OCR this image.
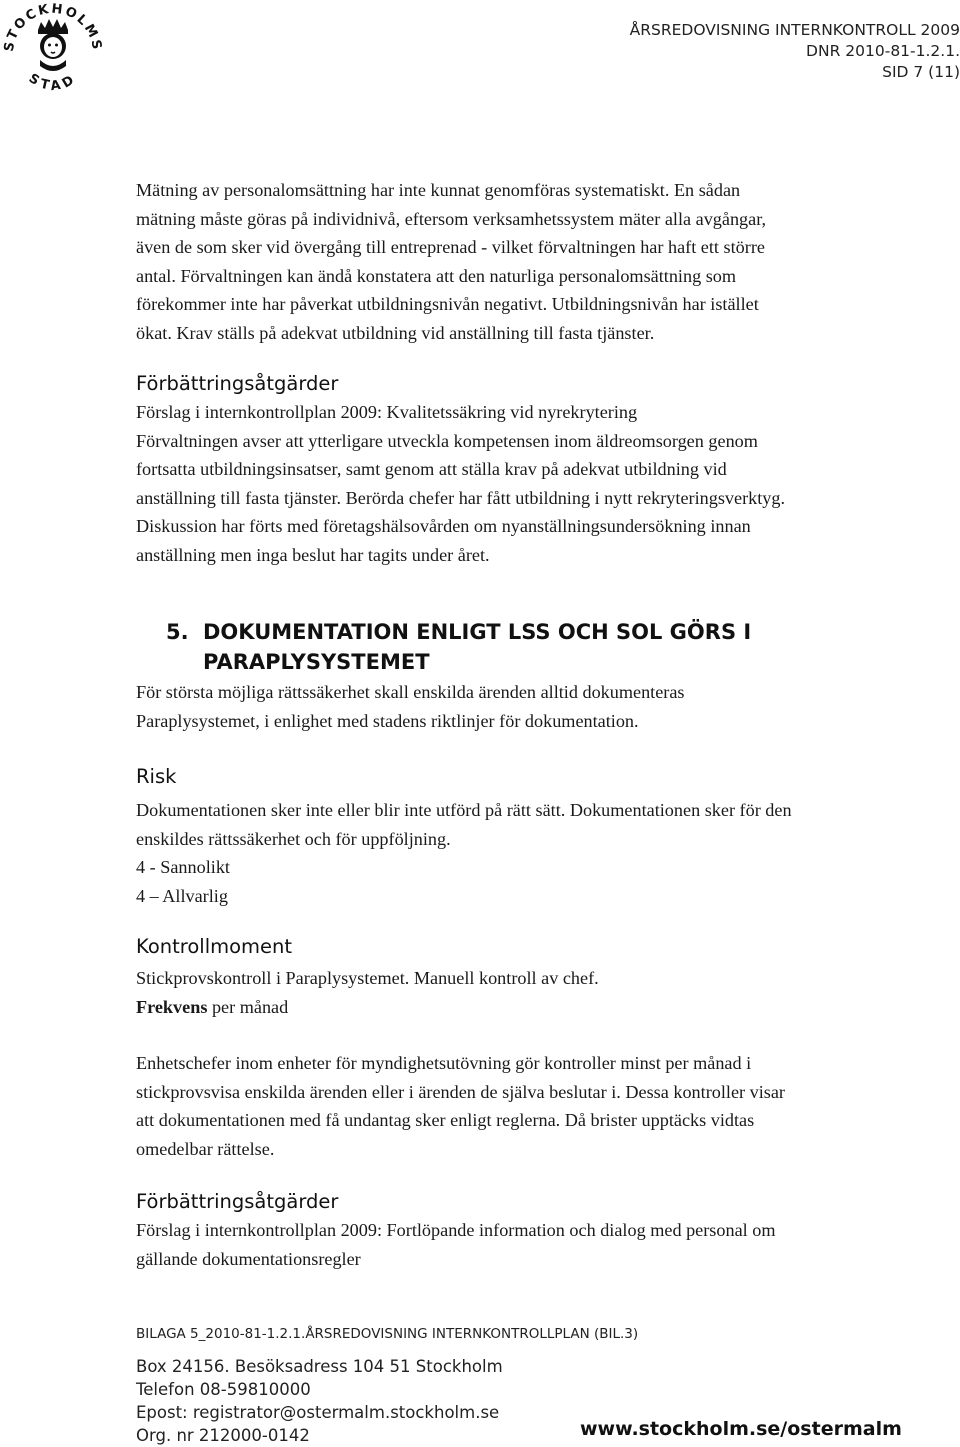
STOCKHOLMS
STAD
ÅRSREDOVISNING INTERNKONTROLL 2009
DNR 2010-81-1.2.1.
SID 7 (11)

Mätning av personalomsättning har inte kunnat genomföras systematiskt. En sådan

mätning måste göras på individnivå, eftersom verksamhetssystem mäter alla avgångar,

även de som sker vid övergång till entreprenad - vilket förvaltningen har haft ett större

antal. Förvaltningen kan ändå konstatera att den naturliga personalomsättning som

förekommer inte har påverkat utbildningsnivån negativt. Utbildningsnivån har istället

ökat. Krav ställs på adekvat utbildning vid anställning till fasta tjänster.

Förbättringsåtgärder

Förslag i internkontrollplan 2009: Kvalitetssäkring vid nyrekrytering

Förvaltningen avser att ytterligare utveckla kompetensen inom äldreomsorgen genom

fortsatta utbildningsinsatser, samt genom att ställa krav på adekvat utbildning vid

anställning till fasta tjänster. Berörda chefer har fått utbildning i nytt rekryteringsverktyg.

Diskussion har förts med företagshälsovården om nyanställningsundersökning innan

anställning men inga beslut har tagits under året.

5. DOKUMENTATION ENLIGT LSS OCH SOL GÖRS I
PARAPLYSYSTEMET

För största möjliga rättssäkerhet skall enskilda ärenden alltid dokumenteras

Paraplysystemet, i enlighet med stadens riktlinjer för dokumentation.

Risk

Dokumentationen sker inte eller blir inte utförd på rätt sätt. Dokumentationen sker för den

enskildes rättssäkerhet och för uppföljning.

4 - Sannolikt

4 – Allvarlig

Kontrollmoment

Stickprovskontroll i Paraplysystemet. Manuell kontroll av chef.

Frekvens per månad

Enhetschefer inom enheter för myndighetsutövning gör kontroller minst per månad i

stickprovsvisa enskilda ärenden eller i ärenden de själva beslutar i. Dessa kontroller visar

att dokumentationen med få undantag sker enligt reglerna. Då brister upptäcks vidtas

omedelbar rättelse.

Förbättringsåtgärder

Förslag i internkontrollplan 2009: Fortlöpande information och dialog med personal om

gällande dokumentationsregler

BILAGA 5_2010-81-1.2.1.ÅRSREDOVISNING INTERNKONTROLLPLAN (BIL.3)
Box 24156. Besöksadress 104 51 Stockholm
Telefon 08-59810000
Epost: registrator@ostermalm.stockholm.se
Org. nr 212000-0142	www.stockholm.se/ostermalm
